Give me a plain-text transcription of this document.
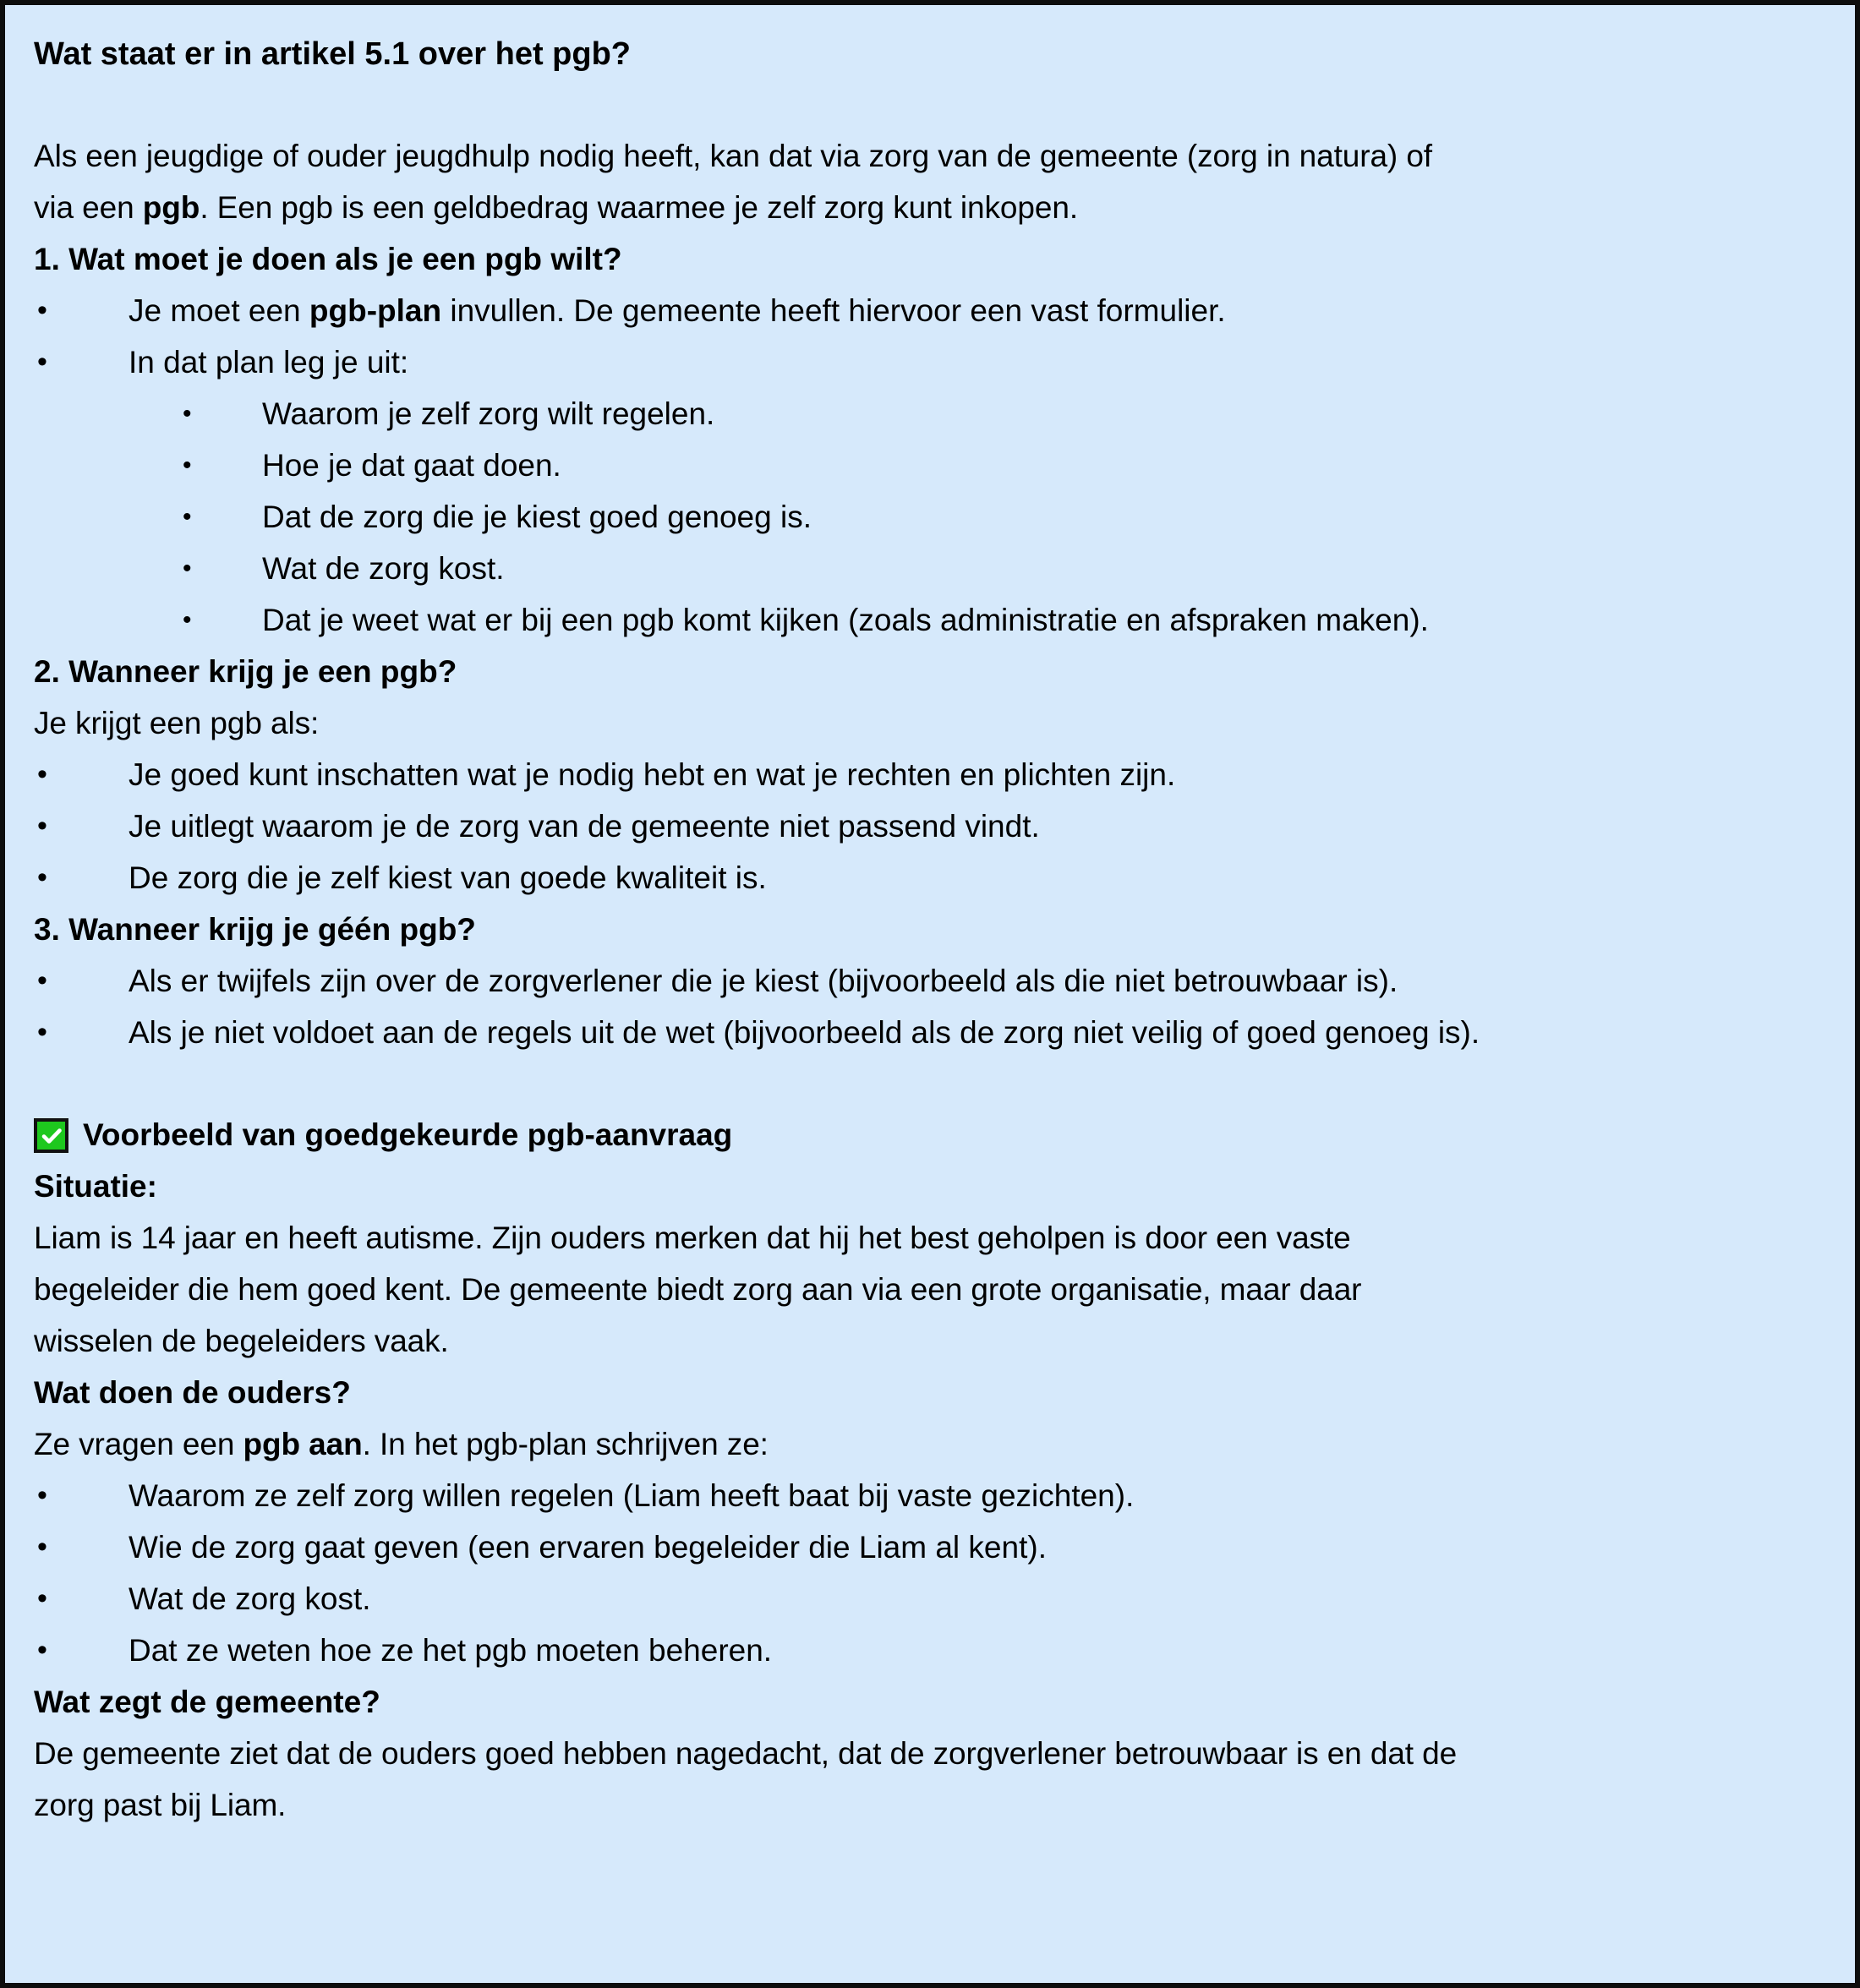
Wat staat er in artikel 5.1 over het pgb?
Als een jeugdige of ouder jeugdhulp nodig heeft, kan dat via zorg van de gemeente (zorg in natura) of
via een pgb. Een pgb is een geldbedrag waarmee je zelf zorg kunt inkopen.
1. Wat moet je doen als je een pgb wilt?
•	Je moet een pgb-plan invullen. De gemeente heeft hiervoor een vast formulier.
•	In dat plan leg je uit:
•	Waarom je zelf zorg wilt regelen.
•	Hoe je dat gaat doen.
•	Dat de zorg die je kiest goed genoeg is.
•	Wat de zorg kost.
•	Dat je weet wat er bij een pgb komt kijken (zoals administratie en afspraken maken).
2. Wanneer krijg je een pgb?
Je krijgt een pgb als:
•	Je goed kunt inschatten wat je nodig hebt en wat je rechten en plichten zijn.
•	Je uitlegt waarom je de zorg van de gemeente niet passend vindt.
•	De zorg die je zelf kiest van goede kwaliteit is.
3. Wanneer krijg je géén pgb?
•	Als er twijfels zijn over de zorgverlener die je kiest (bijvoorbeeld als die niet betrouwbaar is).
•	Als je niet voldoet aan de regels uit de wet (bijvoorbeeld als de zorg niet veilig of goed genoeg is).
Voorbeeld van goedgekeurde pgb-aanvraag
Situatie:
Liam is 14 jaar en heeft autisme. Zijn ouders merken dat hij het best geholpen is door een vaste
begeleider die hem goed kent. De gemeente biedt zorg aan via een grote organisatie, maar daar
wisselen de begeleiders vaak.
Wat doen de ouders?
Ze vragen een pgb aan. In het pgb-plan schrijven ze:
•	Waarom ze zelf zorg willen regelen (Liam heeft baat bij vaste gezichten).
•	Wie de zorg gaat geven (een ervaren begeleider die Liam al kent).
•	Wat de zorg kost.
•	Dat ze weten hoe ze het pgb moeten beheren.
Wat zegt de gemeente?
De gemeente ziet dat de ouders goed hebben nagedacht, dat de zorgverlener betrouwbaar is en dat de
zorg past bij Liam.
